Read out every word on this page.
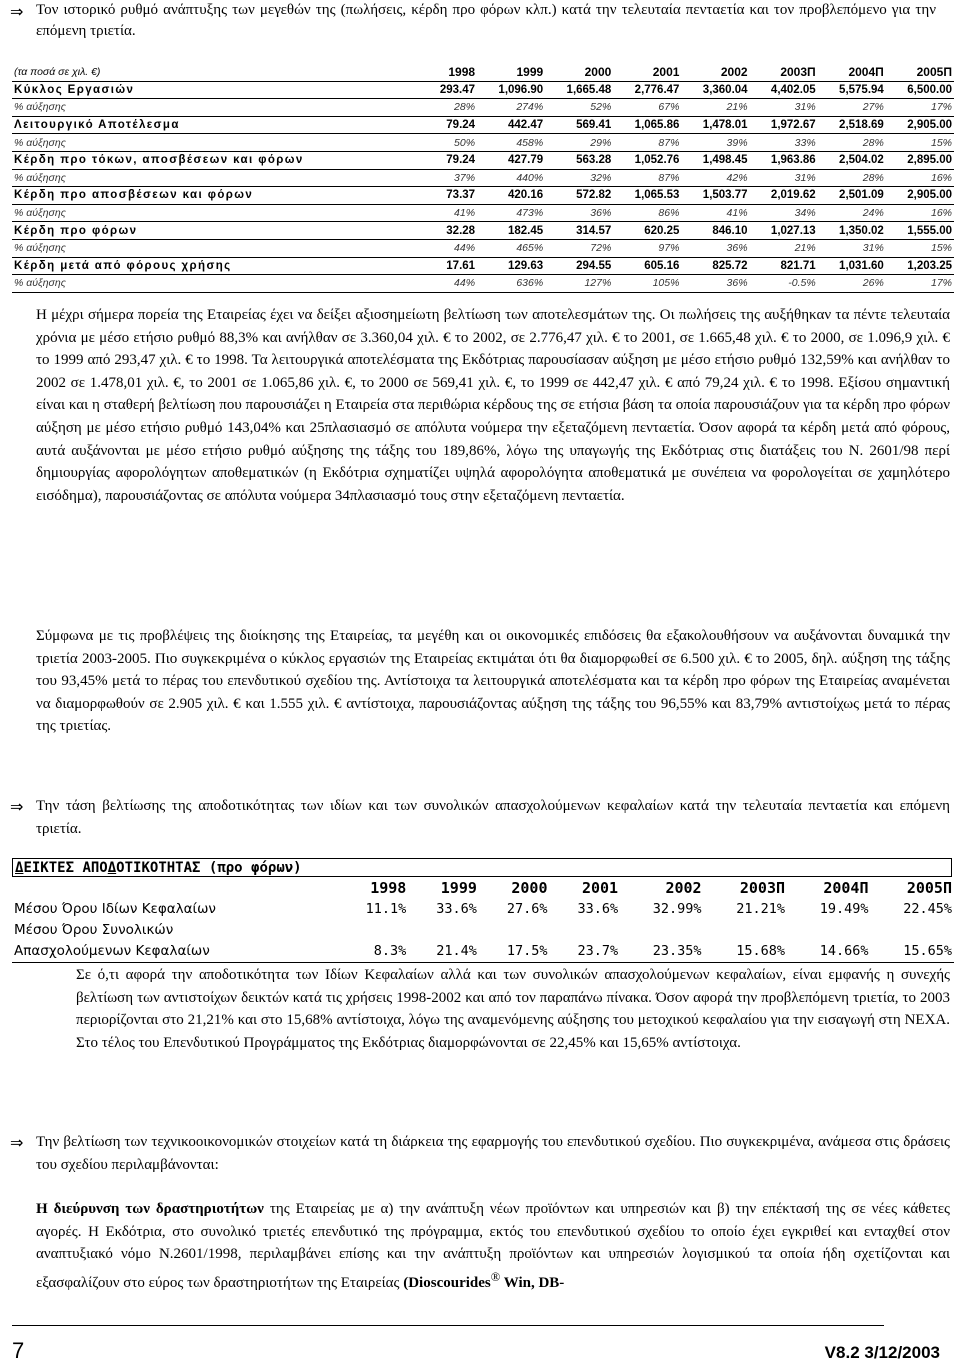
⇒ Τον ιστορικό ρυθμό ανάπτυξης των μεγεθών της (πωλήσεις, κέρδη προ φόρων κλπ.) κατά την τελευταία πενταετία και τον προβλεπόμενο για την επόμενη τριετία.
(τα ποσά σε χιλ. €)	1998	1999	2000	2001	2002	2003Π	2004Π	2005Π
Κύκλος Εργασιών	293.47	1,096.90	1,665.48	2,776.47	3,360.04	4,402.05	5,575.94	6,500.00
% αύξησης	28%	274%	52%	67%	21%	31%	27%	17%
Λειτουργικό Αποτέλεσμα	79.24	442.47	569.41	1,065.86	1,478.01	1,972.67	2,518.69	2,905.00
% αύξησης	50%	458%	29%	87%	39%	33%	28%	15%
Κέρδη προ τόκων, αποσβέσεων και φόρων	79.24	427.79	563.28	1,052.76	1,498.45	1,963.86	2,504.02	2,895.00
% αύξησης	37%	440%	32%	87%	42%	31%	28%	16%
Κέρδη προ αποσβέσεων και φόρων	73.37	420.16	572.82	1,065.53	1,503.77	2,019.62	2,501.09	2,905.00
% αύξησης	41%	473%	36%	86%	41%	34%	24%	16%
Κέρδη προ φόρων	32.28	182.45	314.57	620.25	846.10	1,027.13	1,350.02	1,555.00
% αύξησης	44%	465%	72%	97%	36%	21%	31%	15%
Κέρδη μετά από φόρους χρήσης	17.61	129.63	294.55	605.16	825.72	821.71	1,031.60	1,203.25
% αύξησης	44%	636%	127%	105%	36%	-0.5%	26%	17%
Η μέχρι σήμερα πορεία της Εταιρείας έχει να δείξει αξιοσημείωτη βελτίωση των αποτελεσμάτων της. Οι πωλήσεις της αυξήθηκαν τα πέντε τελευταία χρόνια με μέσο ετήσιο ρυθμό 88,3% και ανήλθαν σε 3.360,04 χιλ. € το 2002, σε 2.776,47 χιλ. € το 2001, σε 1.665,48 χιλ. € το 2000, σε 1.096,9 χιλ. € το 1999 από 293,47 χιλ. € το 1998. Τα λειτουργικά αποτελέσματα της Εκδότριας παρουσίασαν αύξηση με μέσο ετήσιο ρυθμό 132,59% και ανήλθαν το 2002 σε 1.478,01 χιλ. €, το 2001 σε 1.065,86 χιλ. €, το 2000 σε 569,41 χιλ. €, το 1999 σε 442,47 χιλ. € από 79,24 χιλ. € το 1998. Εξίσου σημαντική είναι και η σταθερή βελτίωση που παρουσιάζει η Εταιρεία στα περιθώρια κέρδους της σε ετήσια βάση τα οποία παρουσιάζουν για τα κέρδη προ φόρων αύξηση με μέσο ετήσιο ρυθμό 143,04% και 25πλασιασμό σε απόλυτα νούμερα την εξεταζόμενη πενταετία. Όσον αφορά τα κέρδη μετά από φόρους, αυτά αυξάνονται με μέσο ετήσιο ρυθμό αύξησης της τάξης του 189,86%, λόγω της υπαγωγής της Εκδότριας στις διατάξεις του Ν. 2601/98 περί δημιουργίας αφορολόγητων αποθεματικών (η Εκδότρια σχηματίζει υψηλά αφορολόγητα αποθεματικά με συνέπεια να φορολογείται σε χαμηλότερο εισόδημα), παρουσιάζοντας σε απόλυτα νούμερα 34πλασιασμό τους στην εξεταζόμενη πενταετία.
Σύμφωνα με τις προβλέψεις της διοίκησης της Εταιρείας, τα μεγέθη και οι οικονομικές επιδόσεις θα εξακολουθήσουν να αυξάνονται δυναμικά την τριετία 2003-2005. Πιο συγκεκριμένα ο κύκλος εργασιών της Εταιρείας εκτιμάται ότι θα διαμορφωθεί σε 6.500 χιλ. € το 2005, δηλ. αύξηση της τάξης του 93,45% μετά το πέρας του επενδυτικού σχεδίου της. Αντίστοιχα τα λειτουργικά αποτελέσματα και τα κέρδη προ φόρων της Εταιρείας αναμένεται να διαμορφωθούν σε 2.905 χιλ. € και 1.555 χιλ. € αντίστοιχα, παρουσιάζοντας αύξηση της τάξης του 96,55% και 83,79% αντιστοίχως μετά το πέρας της τριετίας.
⇒ Την τάση βελτίωσης της αποδοτικότητας των ιδίων και των συνολικών απασχολούμενων κεφαλαίων κατά την τελευταία πενταετία και επόμενη τριετία.
ΔΕΙΚΤΕΣ ΑΠΟΔΟΤΙΚΟΤΗΤΑΣ (προ φόρων)
	1998	1999	2000	2001	2002	2003Π	2004Π	2005Π
Μέσου Όρου Ιδίων Κεφαλαίων	11.1%	33.6%	27.6%	33.6%	32.99%	21.21%	19.49%	22.45%
Μέσου Όρου Συνολικών								
Απασχολούμενων Κεφαλαίων	8.3%	21.4%	17.5%	23.7%	23.35%	15.68%	14.66%	15.65%
Σε ό,τι αφορά την αποδοτικότητα των Ιδίων Κεφαλαίων αλλά και των συνολικών απασχολούμενων κεφαλαίων, είναι εμφανής η συνεχής βελτίωση των αντιστοίχων δεικτών κατά τις χρήσεις 1998-2002 και από τον παραπάνω πίνακα. Όσον αφορά την προβλεπόμενη τριετία, το 2003 περιορίζονται στο 21,21% και στο 15,68% αντίστοιχα, λόγω της αναμενόμενης αύξησης του μετοχικού κεφαλαίου για την εισαγωγή στη ΝΕΧΑ. Στο τέλος του Επενδυτικού Προγράμματος της Εκδότριας διαμορφώνονται σε 22,45% και 15,65% αντίστοιχα.
⇒ Την βελτίωση των τεχνικοοικονομικών στοιχείων κατά τη διάρκεια της εφαρμογής του επενδυτικού σχεδίου. Πιο συγκεκριμένα, ανάμεσα στις δράσεις του σχεδίου περιλαμβάνονται:
Η διεύρυνση των δραστηριοτήτων της Εταιρείας με α) την ανάπτυξη νέων προϊόντων και υπηρεσιών και β) την επέκτασή της σε νέες κάθετες αγορές. Η Εκδότρια, στο συνολικό τριετές επενδυτικό της πρόγραμμα, εκτός του επενδυτικού σχεδίου το οποίο έχει εγκριθεί και ενταχθεί στον αναπτυξιακό νόμο Ν.2601/1998, περιλαμβάνει επίσης και την ανάπτυξη προϊόντων και υπηρεσιών λογισμικού τα οποία ήδη σχετίζονται και εξασφαλίζουν στο εύρος των δραστηριοτήτων της Εταιρείας (Dioscourides® Win, DB-
7	V8.2 3/12/2003
